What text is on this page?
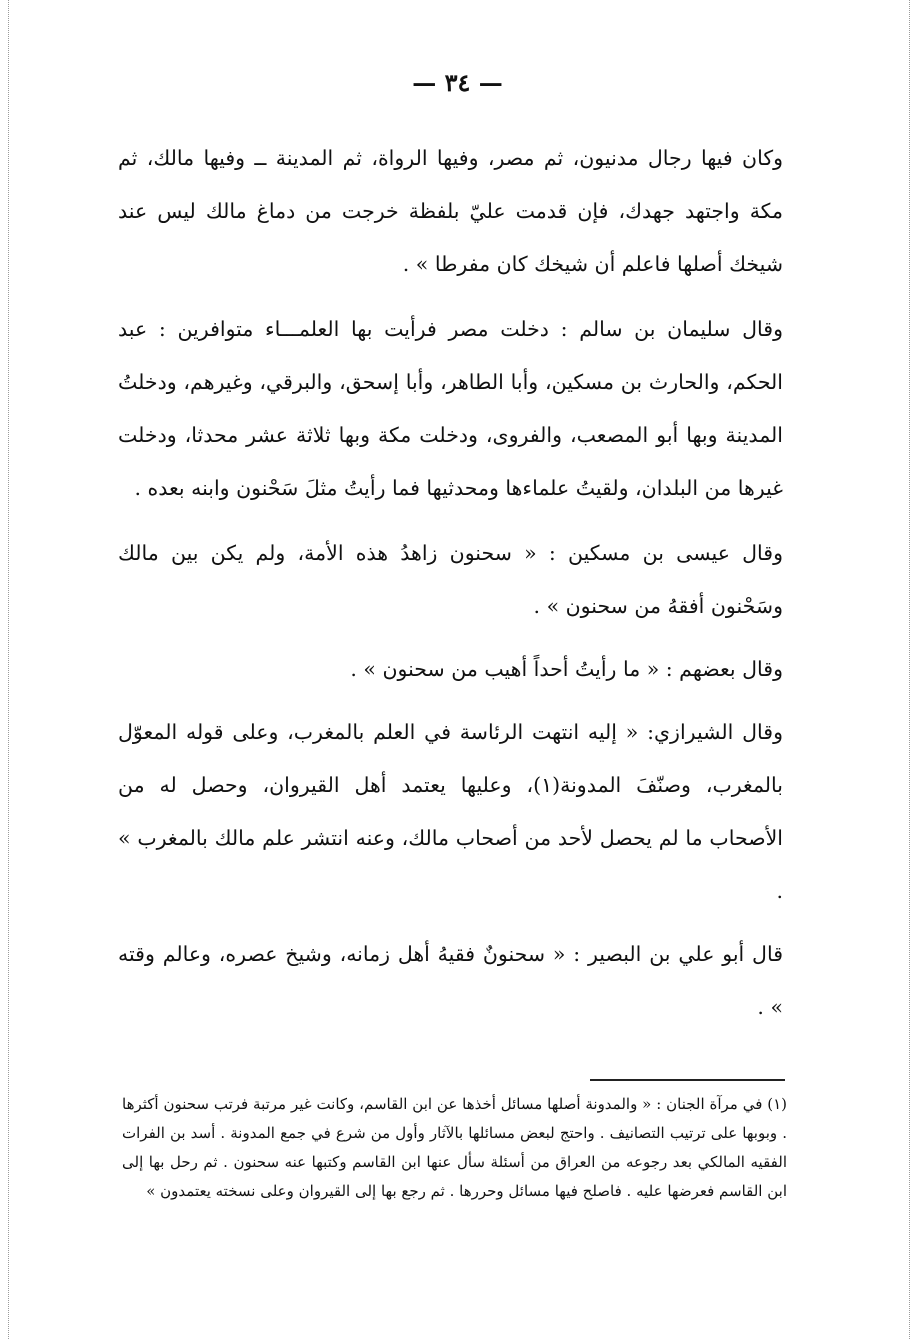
— ٣٤ —

وكان فيها رجال مدنيون، ثم مصر، وفيها الرواة، ثم المدينة ــ وفيها مالك، ثم مكة واجتهد جهدك، فإن قدمت عليّ بلفظة خرجت من دماغ مالك ليس عند شيخك أصلها فاعلم أن شيخك كان مفرطا » .

وقال سليمان بن سالم : دخلت مصر فرأيت بها العلمـــاء متوافرين : عبد الحكم، والحارث بن مسكين، وأبا الطاهر، وأبا إسحق، والبرقي، وغيرهم، ودخلتُ المدينة وبها أبو المصعب، والفروى، ودخلت مكة وبها ثلاثة عشر محدثا، ودخلت غيرها من البلدان، ولقيتُ علماءها ومحدثيها فما رأيتُ مثلَ سَحْنون وابنه بعده .

وقال عيسى بن مسكين : « سحنون زاهدُ هذه الأمة، ولم يكن بين مالك وسَحْنون أفقهُ من سحنون » .

وقال بعضهم : « ما رأيتُ أحداً أهيب من سحنون » .

وقال الشيرازي: « إليه انتهت الرئاسة في العلم بالمغرب، وعلى قوله المعوّل بالمغرب، وصنّفَ المدونة(١)، وعليها يعتمد أهل القيروان، وحصل له من الأصحاب ما لم يحصل لأحد من أصحاب مالك، وعنه انتشر علم مالك بالمغرب » .

قال أبو علي بن البصير : « سحنونٌ فقيهُ أهل زمانه، وشيخ عصره، وعالم وقته » .

(١) في مرآة الجنان : « والمدونة أصلها مسائل أخذها عن ابن القاسم، وكانت غير مرتبة فرتب سحنون أكثرها . وبوبها على ترتيب التصانيف . واحتج لبعض مسائلها بالآثار وأول من شرع في جمع المدونة . أسد بن الفرات الفقيه المالكي بعد رجوعه من العراق من أسئلة سأل عنها ابن القاسم وكتبها عنه سحنون . ثم رحل بها إلى ابن القاسم فعرضها عليه . فاصلح فيها مسائل وحررها . ثم رجع بها إلى القيروان وعلى نسخته يعتمدون »
